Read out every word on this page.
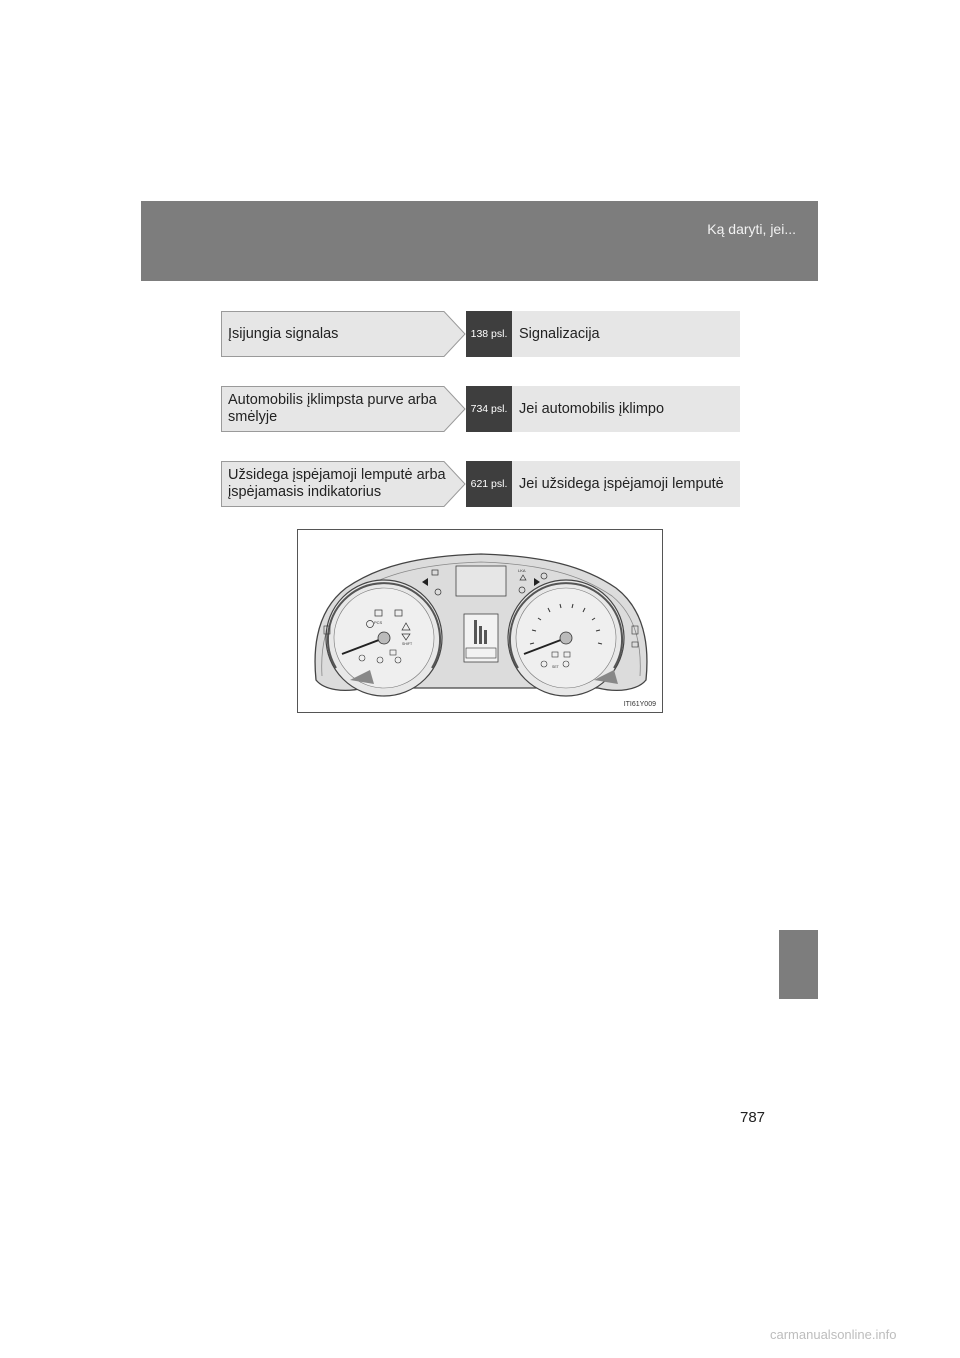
Ką daryti, jei...
Įsijungia signalas	138 psl. Signalizacija
Automobilis įklimpsta purve arba smėlyje	734 psl. Jei automobilis įklimpo
Užsidega įspėjamoji lemputė arba įspėjamasis indikatorius	621 psl. Jei užsidega įspėjamoji lemputė
PCS
SHIFT
SET
LKA
ITI61Y009
787
carmanualsonline.info
